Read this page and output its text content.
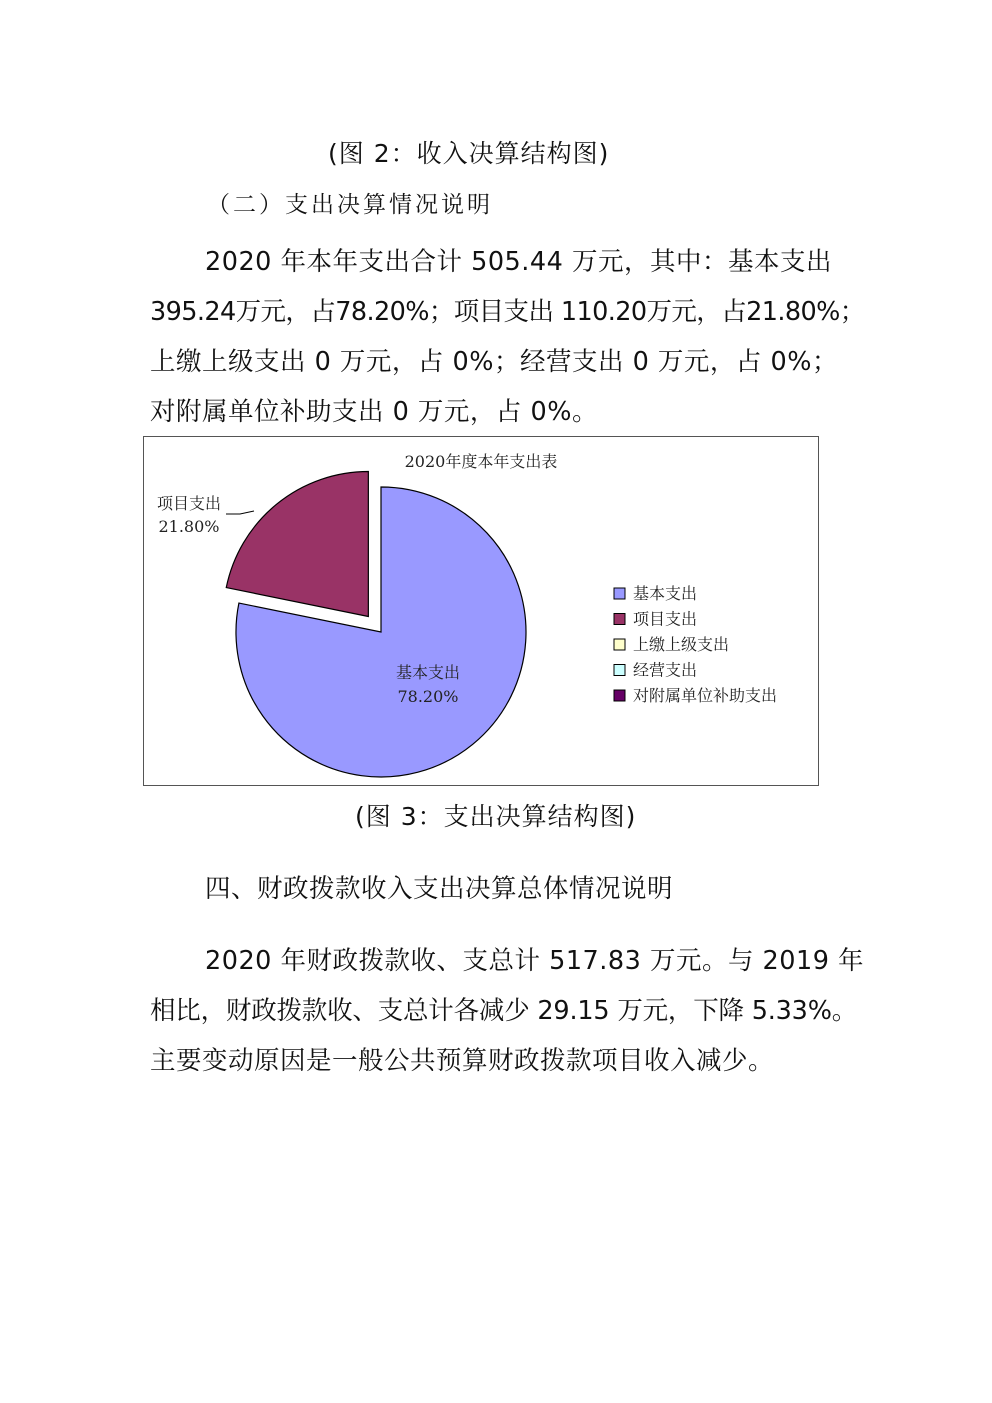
(图 2：收入决算结构图)
（二）支出决算情况说明
2020 年本年支出合计 505.44 万元，其中：基本支出
395.24万元，占78.20%；项目支出 110.20万元，占21.80%；
上缴上级支出 0 万元，占 0%；经营支出 0 万元，占 0%；
对附属单位补助支出 0 万元，占 0%。
2020年度本年支出表
基本支出 78.20%
项目支出 21.80%
基本支出
项目支出
上缴上级支出
经营支出
对附属单位补助支出
(图 3：支出决算结构图)
四、财政拨款收入支出决算总体情况说明
2020 年财政拨款收、支总计 517.83 万元。与 2019 年
相比，财政拨款收、支总计各减少 29.15 万元，下降 5.33%。
主要变动原因是一般公共预算财政拨款项目收入减少。
